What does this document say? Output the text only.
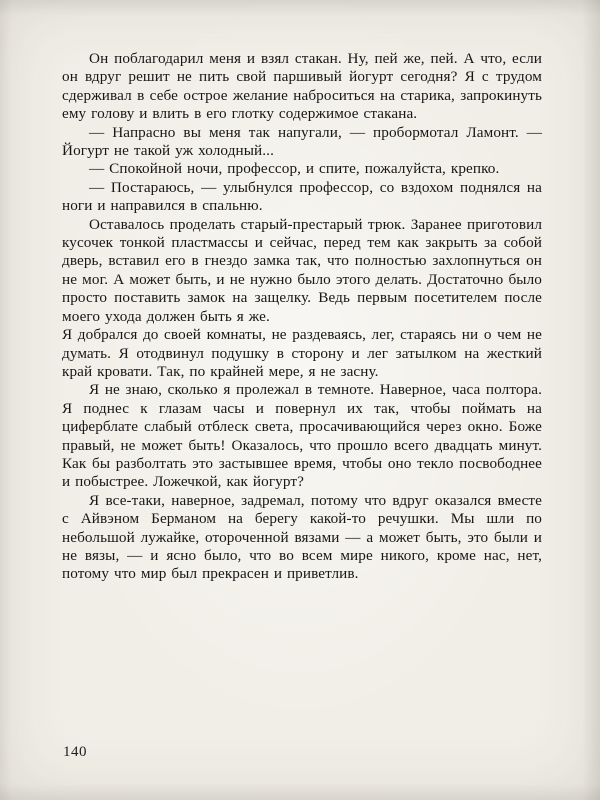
Он поблагодарил меня и взял стакан. Ну, пей же, пей. А что, если он вдруг решит не пить свой паршивый йогурт сегодня? Я с трудом сдерживал в себе острое желание наброситься на старика, запрокинуть ему голову и влить в его глотку содержимое стакана.

— Напрасно вы меня так напугали, — пробормотал Ламонт. — Йогурт не такой уж холодный...

— Спокойной ночи, профессор, и спите, пожалуйста, крепко.

— Постараюсь, — улыбнулся профессор, со вздохом поднялся на ноги и направился в спальню.

Оставалось проделать старый-престарый трюк. Заранее приготовил кусочек тонкой пластмассы и сейчас, перед тем как закрыть за собой дверь, вставил его в гнездо замка так, что полностью захлопнуться он не мог. А может быть, и не нужно было этого делать. Достаточно было просто поставить замок на защелку. Ведь первым посетителем после моего ухода должен быть я же.

Я добрался до своей комнаты, не раздеваясь, лег, стараясь ни о чем не думать. Я отодвинул подушку в сторону и лег затылком на жесткий край кровати. Так, по крайней мере, я не засну.

Я не знаю, сколько я пролежал в темноте. Наверное, часа полтора. Я поднес к глазам часы и повернул их так, чтобы поймать на циферблате слабый отблеск света, просачивающийся через окно. Боже правый, не может быть! Оказалось, что прошло всего двадцать минут. Как бы разболтать это застывшее время, чтобы оно текло посвободнее и побыстрее. Ложечкой, как йогурт?

Я все-таки, наверное, задремал, потому что вдруг оказался вместе с Айвэном Берманом на берегу какой-то речушки. Мы шли по небольшой лужайке, отороченной вязами — а может быть, это были и не вязы, — и ясно было, что во всем мире никого, кроме нас, нет, потому что мир был прекрасен и приветлив.

140
